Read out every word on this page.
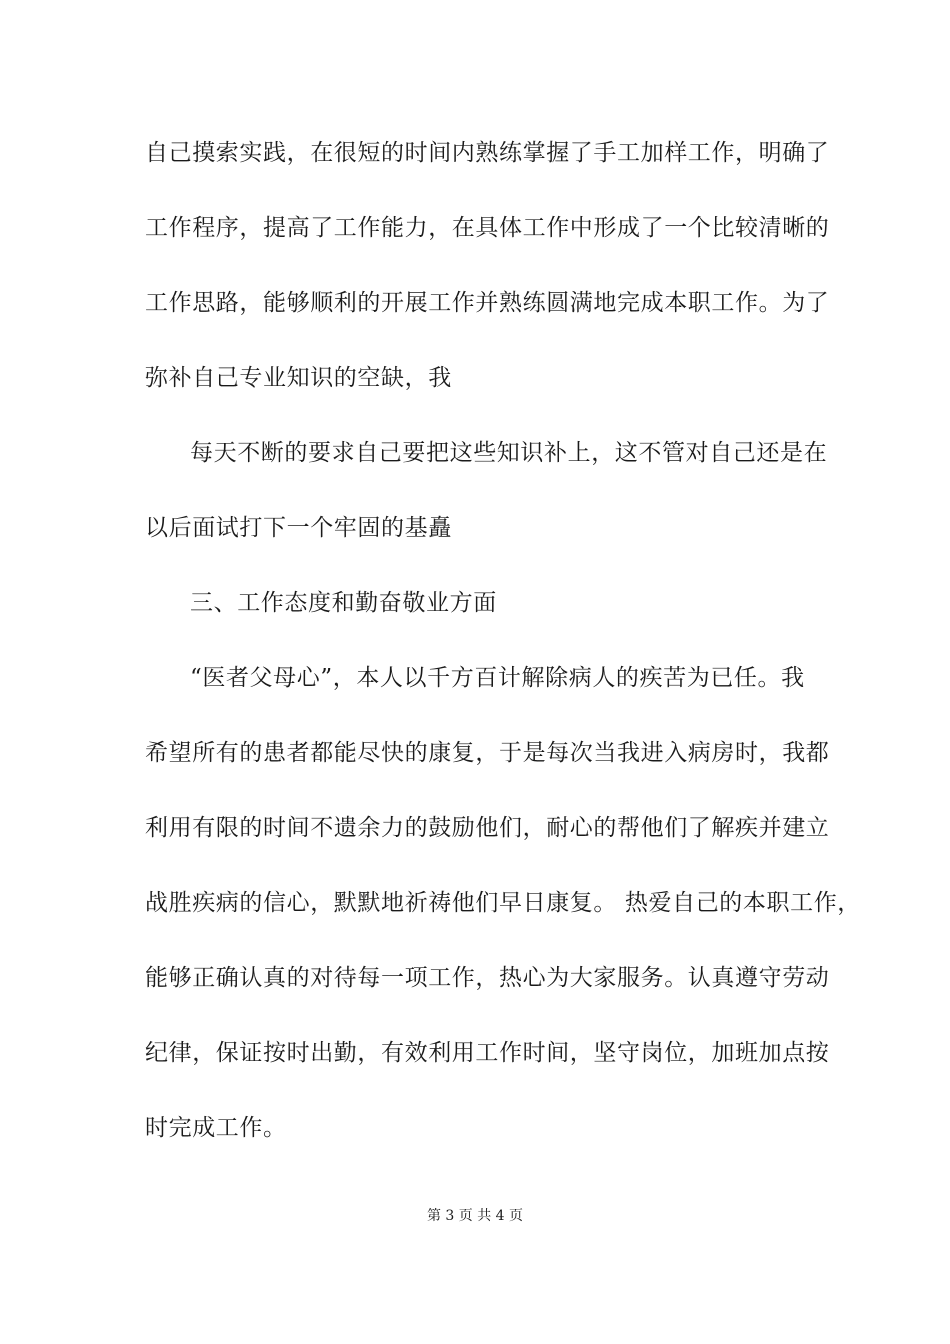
自己摸索实践，在很短的时间内熟练掌握了手工加样工作，明确了
工作程序，提高了工作能力，在具体工作中形成了一个比较清晰的
工作思路，能够顺利的开展工作并熟练圆满地完成本职工作。为了
弥补自己专业知识的空缺，我
每天不断的要求自己要把这些知识补上，这不管对自己还是在
以后面试打下一个牢固的基矗
三、工作态度和勤奋敬业方面
“医者父母心”，本人以千方百计解除病人的疾苦为已任。我
希望所有的患者都能尽快的康复，于是每次当我进入病房时，我都
利用有限的时间不遗余力的鼓励他们，耐心的帮他们了解疾并建立
战胜疾病的信心，默默地祈祷他们早日康复。 热爱自己的本职工作，
能够正确认真的对待每一项工作，热心为大家服务。认真遵守劳动
纪律，保证按时出勤，有效利用工作时间，坚守岗位，加班加点按
时完成工作。
第 3 页 共 4 页
